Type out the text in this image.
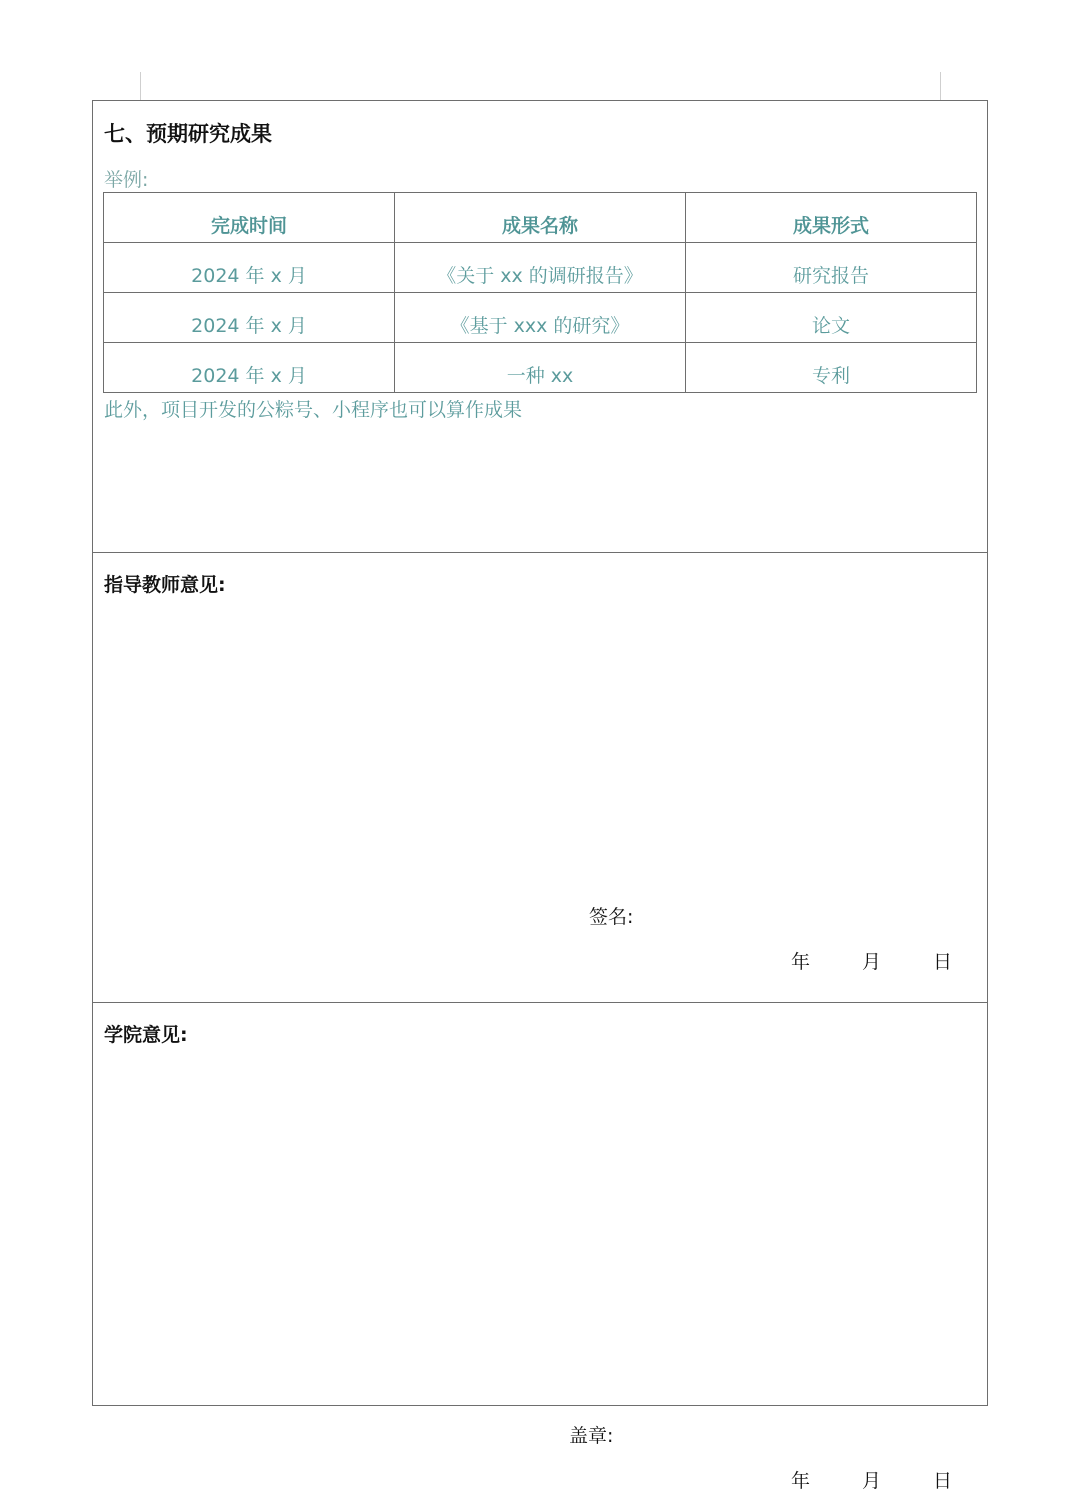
七、预期研究成果
举例:
完成时间	成果名称	成果形式
2024 年 x 月	《关于 xx 的调研报告》	研究报告
2024 年 x 月	《基于 xxx 的研究》	论文
2024 年 x 月	一种 xx	专利
此外，项目开发的公粽号、小程序也可以算作成果
指导教师意见:
签名:
年	月	日
学院意见:
盖章:
年	月	日
